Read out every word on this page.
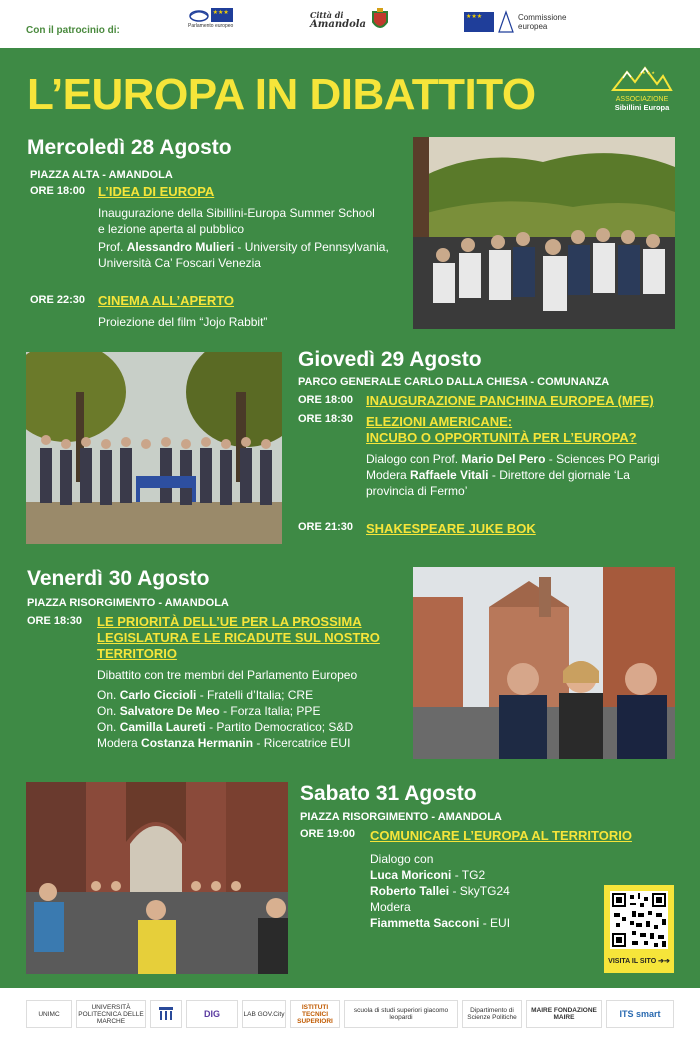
Con il patrocinio di:
★★★	Parlamento europeo
Città di
Amandola
★★★
Commissione
europea
L’EUROPA IN DIBATTITO	★ ★ ★
ASSOCIAZIONE
Sibillini Europa
Mercoledì 28 Agosto
PIAZZA ALTA - AMANDOLA
ORE 18:00 L’IDEA DI EUROPA
Inaugurazione della Sibillini-Europa Summer School
e lezione aperta al pubblico
Prof. Alessandro Mulieri - University of Pennsylvania,
Università Ca’ Foscari Venezia
ORE 22:30 CINEMA ALL’APERTO
Proiezione del film “Jojo Rabbit”
Giovedì 29 Agosto
PARCO GENERALE CARLO DALLA CHIESA - COMUNANZA
ORE 18:00 INAUGURAZIONE PANCHINA EUROPEA (MFE)
ORE 18:30 ELEZIONI AMERICANE:
INCUBO O OPPORTUNITÀ PER L’EUROPA?
Dialogo con Prof. Mario Del Pero - Sciences PO Parigi
Modera Raffaele Vitali - Direttore del giornale ‘La
provincia di Fermo’
ORE 21:30 SHAKESPEARE JUKE BOK
Venerdì 30 Agosto
PIAZZA RISORGIMENTO - AMANDOLA
ORE 18:30 LE PRIORITÀ DELL’UE PER LA PROSSIMA
LEGISLATURA E LE RICADUTE SUL NOSTRO
TERRITORIO
Dibattito con tre membri del Parlamento Europeo
On. Carlo Ciccioli - Fratelli d’Italia; CRE
On. Salvatore De Meo - Forza Italia; PPE
On. Camilla Laureti - Partito Democratico; S&D
Modera Costanza Hermanin - Ricercatrice EUI
Sabato 31 Agosto
PIAZZA RISORGIMENTO - AMANDOLA
ORE 19:00 COMUNICARE L’EUROPA AL TERRITORIO
Dialogo con
Luca Moriconi - TG2
Roberto Tallei - SkyTG24
Modera
Fiammetta Sacconi - EUI
VISITA IL SITO ➔➔
UNIMC
UNIVERSITÀ POLITECNICA DELLE MARCHE
DIG	LAB GOV.City
ISTITUTI TECNICI SUPERIORI
scuola di studi superiori giacomo leopardi
Dipartimento di Scienze Politiche
MAIRE FONDAZIONE MAIRE	ITS smart
